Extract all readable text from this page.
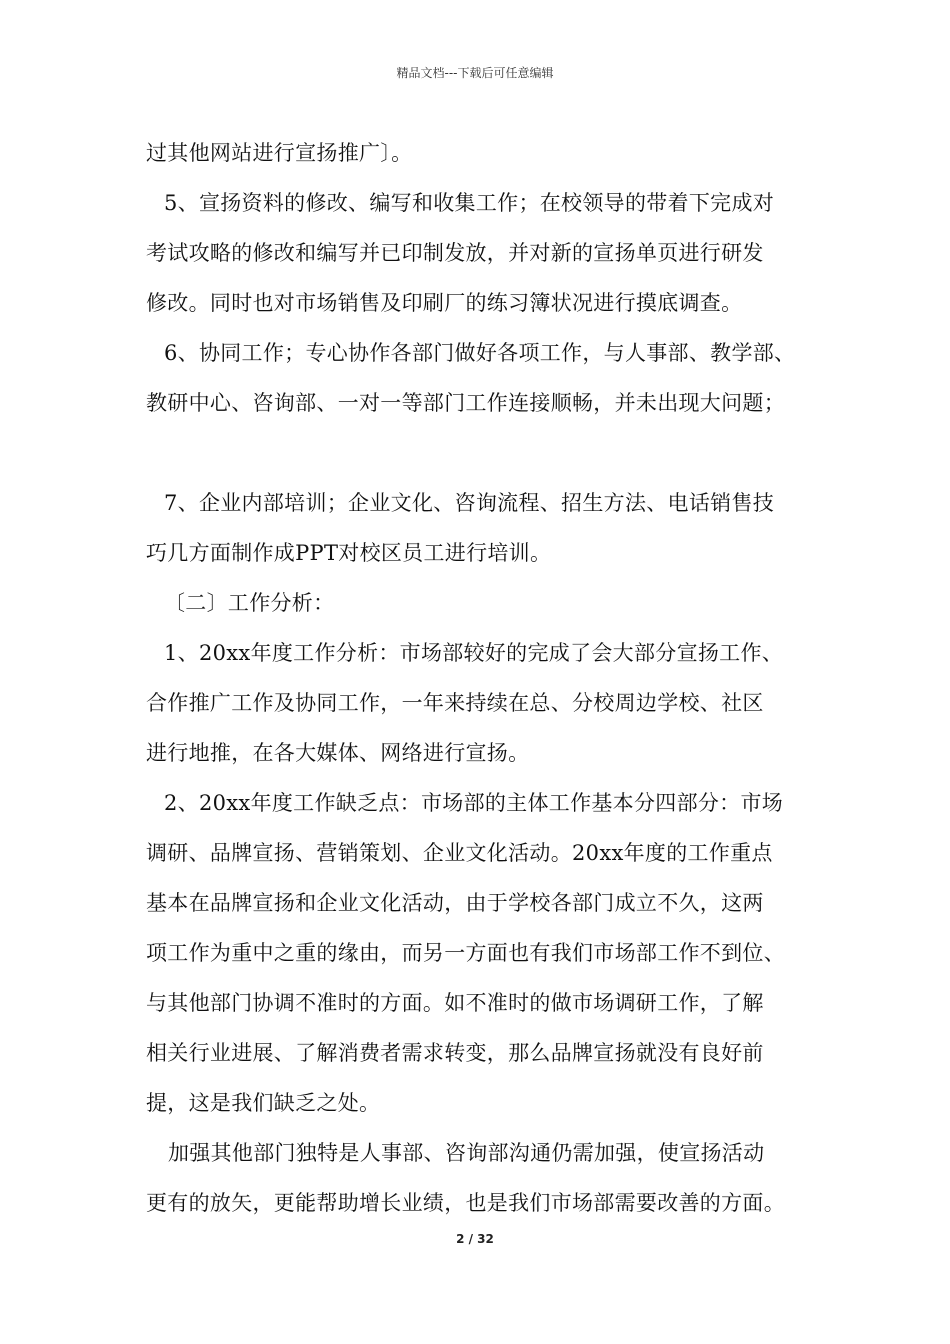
精品文档---下载后可任意编辑
过其他网站进行宣扬推广〕。
5、宣扬资料的修改、编写和收集工作；在校领导的带着下完成对
考试攻略的修改和编写并已印制发放，并对新的宣扬单页进行研发
修改。同时也对市场销售及印刷厂的练习簿状况进行摸底调查。
6、协同工作；专心协作各部门做好各项工作，与人事部、教学部、
教研中心、咨询部、一对一等部门工作连接顺畅，并未出现大问题；
7、企业内部培训；企业文化、咨询流程、招生方法、电话销售技
巧几方面制作成PPT对校区员工进行培训。
〔二〕工作分析：
1、20xx年度工作分析：市场部较好的完成了会大部分宣扬工作、
合作推广工作及协同工作，一年来持续在总、分校周边学校、社区
进行地推，在各大媒体、网络进行宣扬。
2、20xx年度工作缺乏点：市场部的主体工作基本分四部分：市场
调研、品牌宣扬、营销策划、企业文化活动。20xx年度的工作重点
基本在品牌宣扬和企业文化活动，由于学校各部门成立不久，这两
项工作为重中之重的缘由，而另一方面也有我们市场部工作不到位、
与其他部门协调不准时的方面。如不准时的做市场调研工作，了解
相关行业进展、了解消费者需求转变，那么品牌宣扬就没有良好前
提，这是我们缺乏之处。
加强其他部门独特是人事部、咨询部沟通仍需加强，使宣扬活动
更有的放矢，更能帮助增长业绩，也是我们市场部需要改善的方面。
2 / 32
